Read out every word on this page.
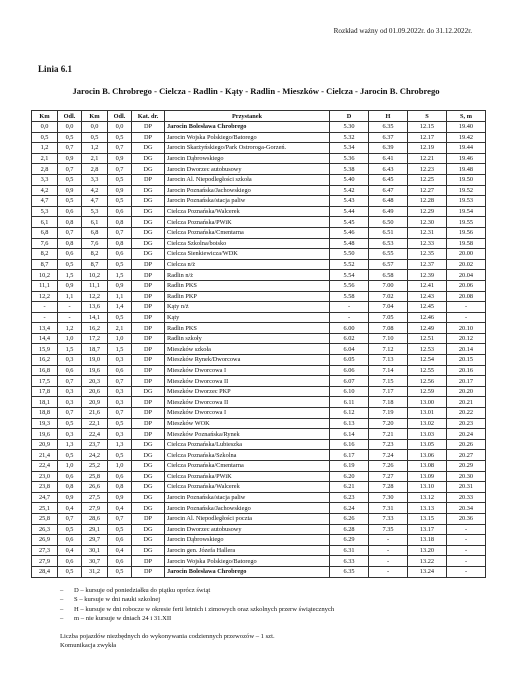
Rozkład ważny od 01.09.2022r. do 31.12.2022r.
Linia 6.1
Jarocin B. Chrobrego - Cielcza - Radlin - Kąty - Radlin - Mieszków - Cielcza - Jarocin B. Chrobrego
Km	Odl.	Km	Odl.	Kat. dr.	Przystanek	D	H	S	S, m
0,0	0,0	0,0	0,0	DP	Jarocin Bolesława Chrobrego	5.30	6.35	12.15	19.40
0,5	0,5	0,5	0,5	DP	Jarocin Wojska Polskiego/Batorego	5.32	6.37	12.17	19.42
1,2	0,7	1,2	0,7	DG	Jarocin Skarżyńskiego/Park Ostroroga-Gorzeń.	5.34	6.39	12.19	19.44
2,1	0,9	2,1	0,9	DG	Jarocin Dąbrowskiego	5.36	6.41	12.21	19.46
2,8	0,7	2,8	0,7	DG	Jarocin Dworzec autobusowy	5.38	6.43	12.23	19.48
3,3	0,5	3,3	0,5	DP	Jarocin Al. Niepodległości szkoła	5.40	6.45	12.25	19.50
4,2	0,9	4,2	0,9	DG	Jarocin Poznańska/Jachowskiego	5.42	6.47	12.27	19.52
4,7	0,5	4,7	0,5	DG	Jarocin Poznańska/stacja paliw	5.43	6.48	12.28	19.53
5,3	0,6	5,3	0,6	DG	Cielcza Poznańska/Walcerek	5.44	6.49	12.29	19.54
6,1	0,8	6,1	0,8	DG	Cielcza Poznańska/PWiK	5.45	6.50	12.30	19.55
6,8	0,7	6,8	0,7	DG	Cielcza Poznańska/Cmentarna	5.46	6.51	12.31	19.56
7,6	0,8	7,6	0,8	DG	Cielcza Szkolna/boisko	5.48	6.53	12.33	19.58
8,2	0,6	8,2	0,6	DG	Cielcza Sienkiewicza/WDK	5.50	6.55	12.35	20.00
8,7	0,5	8,7	0,5	DP	Cielcza n/ż	5.52	6.57	12.37	20.02
10,2	1,5	10,2	1,5	DP	Radlin n/ż	5.54	6.58	12.39	20.04
11,1	0,9	11,1	0,9	DP	Radlin PKS	5.56	7.00	12.41	20.06
12,2	1,1	12,2	1,1	DP	Radlin PKP	5.58	7.02	12.43	20.08
-	-	13,6	1,4	DP	Kąty n/ż	-	7.04	12.45	-
-	-	14,1	0,5	DP	Kąty	-	7.05	12.46	-
13,4	1,2	16,2	2,1	DP	Radlin PKS	6.00	7.08	12.49	20.10
14,4	1,0	17,2	1,0	DP	Radlin szkoły	6.02	7.10	12.51	20.12
15,9	1,5	18,7	1,5	DP	Mieszków szkoła	6.04	7.12	12.53	20.14
16,2	0,3	19,0	0,3	DP	Mieszków Rynek/Dworcowa	6.05	7.13	12.54	20.15
16,8	0,6	19,6	0,6	DP	Mieszków Dworcowa I	6.06	7.14	12.55	20.16
17,5	0,7	20,3	0,7	DP	Mieszków Dworcowa II	6.07	7.15	12.56	20.17
17,8	0,3	20,6	0,3	DG	Mieszków Dworzec PKP	6.10	7.17	12.59	20.20
18,1	0,3	20,9	0,3	DP	Mieszków Dworcowa II	6.11	7.18	13.00	20.21
18,8	0,7	21,6	0,7	DP	Mieszków Dworcowa I	6.12	7.19	13.01	20.22
19,3	0,5	22,1	0,5	DP	Mieszków WOK	6.13	7.20	13.02	20.23
19,6	0,3	22,4	0,3	DP	Mieszków Poznańska/Rynek	6.14	7.21	13.03	20.24
20,9	1,3	23,7	1,3	DG	Cielcza Poznańska/Lubieszka	6.16	7.23	13.05	20.26
21,4	0,5	24,2	0,5	DG	Cielcza Poznańska/Szkolna	6.17	7.24	13.06	20.27
22,4	1,0	25,2	1,0	DG	Cielcza Poznańska/Cmentarna	6.19	7.26	13.08	20.29
23,0	0,6	25,8	0,6	DG	Cielcza Poznańska/PWiK	6.20	7.27	13.09	20.30
23,8	0,8	26,6	0,8	DG	Cielcza Poznańska/Walcerek	6.21	7.28	13.10	20.31
24,7	0,9	27,5	0,9	DG	Jarocin Poznańska/stacja paliw	6.23	7.30	13.12	20.33
25,1	0,4	27,9	0,4	DG	Jarocin Poznańska/Jachowskiego	6.24	7.31	13.13	20.34
25,8	0,7	28,6	0,7	DP	Jarocin Al. Niepodległości poczta	6.26	7.33	13.15	20.36
26,3	0,5	29,1	0,5	DG	Jarocin Dworzec autobusowy	6.28	7.35	13.17	-
26,9	0,6	29,7	0,6	DG	Jarocin Dąbrowskiego	6.29	-	13.18	-
27,3	0,4	30,1	0,4	DG	Jarocin gen. Józefa Hallera	6.31	-	13.20	-
27,9	0,6	30,7	0,6	DP	Jarocin Wojska Polskiego/Batorego	6.33	-	13.22	-
28,4	0,5	31,2	0,5	DP	Jarocin Bolesława Chrobrego	6.35	-	13.24	-
– D – kursuje od poniedziałku do piątku oprócz świąt
– S – kursuje w dni nauki szkolnej
– H – kursuje w dni robocze w okresie ferii letnich i zimowych oraz szkolnych przerw świątecznych
– m – nie kursuje w dniach 24 i 31.XII
Liczba pojazdów niezbędnych do wykonywania codziennych przewozów – 1 szt.
Komunikacja zwykła
